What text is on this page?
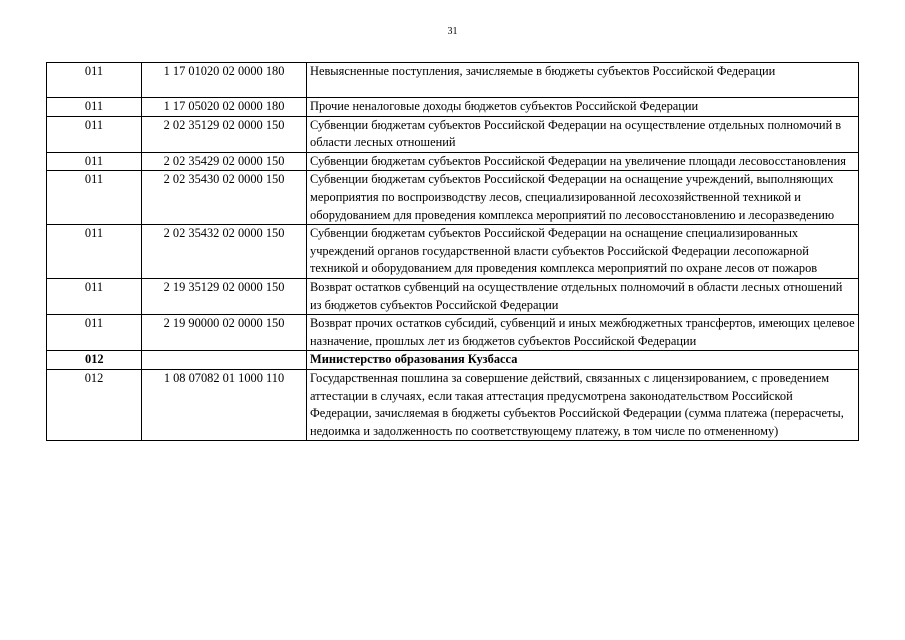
31
011	1 17 01020 02 0000 180	Невыясненные поступления, зачисляемые в бюджеты субъектов Российской Федерации
011	1 17 05020 02 0000 180	Прочие неналоговые доходы бюджетов субъектов Российской Федерации
011	2 02 35129 02 0000 150	Субвенции бюджетам субъектов Российской Федерации на осуществление отдельных полномочий в области лесных отношений
011	2 02 35429 02 0000 150	Субвенции бюджетам субъектов Российской Федерации на увеличение площади лесовосстановления
011	2 02 35430 02 0000 150	Субвенции бюджетам субъектов Российской Федерации на оснащение учреждений, выполняющих мероприятия по воспроизводству лесов, специализированной лесохозяйственной техникой и оборудованием для проведения комплекса мероприятий по лесовосстановлению и лесоразведению
011	2 02 35432 02 0000 150	Субвенции бюджетам субъектов Российской Федерации на оснащение специализированных учреждений органов государственной власти субъектов Российской Федерации лесопожарной техникой и оборудованием для проведения комплекса мероприятий по охране лесов от пожаров
011	2 19 35129 02 0000 150	Возврат остатков субвенций на осуществление отдельных полномочий в области лесных отношений из бюджетов субъектов Российской Федерации
011	2 19 90000 02 0000 150	Возврат прочих остатков субсидий, субвенций и иных межбюджетных трансфертов, имеющих целевое назначение, прошлых лет из бюджетов субъектов Российской Федерации
012		Министерство образования Кузбасса
012	1 08 07082 01 1000 110	Государственная пошлина за совершение действий, связанных с лицензированием, с проведением аттестации в случаях, если такая аттестация предусмотрена законодательством Российской Федерации, зачисляемая в бюджеты субъектов Российской Федерации (сумма платежа (перерасчеты, недоимка и задолженность по соответствующему платежу, в том числе по отмененному)
